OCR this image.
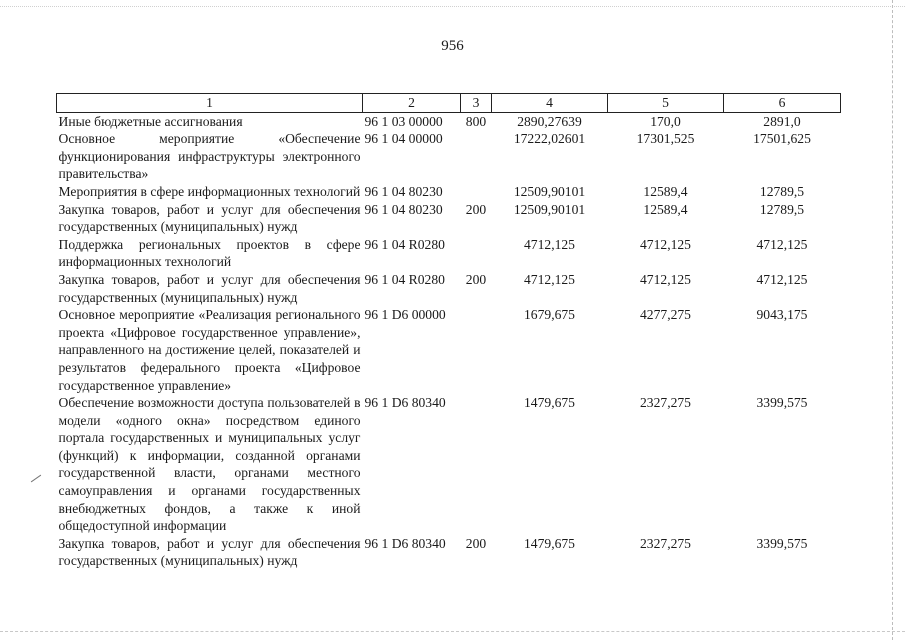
956
1	2	3	4	5	6
Иные бюджетные ассигнования	96 1 03 00000	800	2890,27639	170,0	2891,0
Основное мероприятие «Обеспечение функционирования инфраструктуры электронного правительства»	96 1 04 00000		17222,02601	17301,525	17501,625
Мероприятия в сфере информационных технологий	96 1 04 80230		12509,90101	12589,4	12789,5
Закупка товаров, работ и услуг для обеспечения государственных (муниципальных) нужд	96 1 04 80230	200	12509,90101	12589,4	12789,5
Поддержка региональных проектов в сфере информационных технологий	96 1 04 R0280		4712,125	4712,125	4712,125
Закупка товаров, работ и услуг для обеспечения государственных (муниципальных) нужд	96 1 04 R0280	200	4712,125	4712,125	4712,125
Основное мероприятие «Реализация регионального проекта «Цифровое государственное управление», направленного на достижение целей, показателей и результатов федерального проекта «Цифровое государственное управление»	96 1 D6 00000		1679,675	4277,275	9043,175
Обеспечение возможности доступа пользователей в модели «одного окна» посредством единого портала государственных и муниципальных услуг (функций) к информации, созданной органами государственной власти, органами местного самоуправления и органами государственных внебюджетных фондов, а также к иной общедоступной информации	96 1 D6 80340		1479,675	2327,275	3399,575
Закупка товаров, работ и услуг для обеспечения государственных (муниципальных) нужд	96 1 D6 80340	200	1479,675	2327,275	3399,575
